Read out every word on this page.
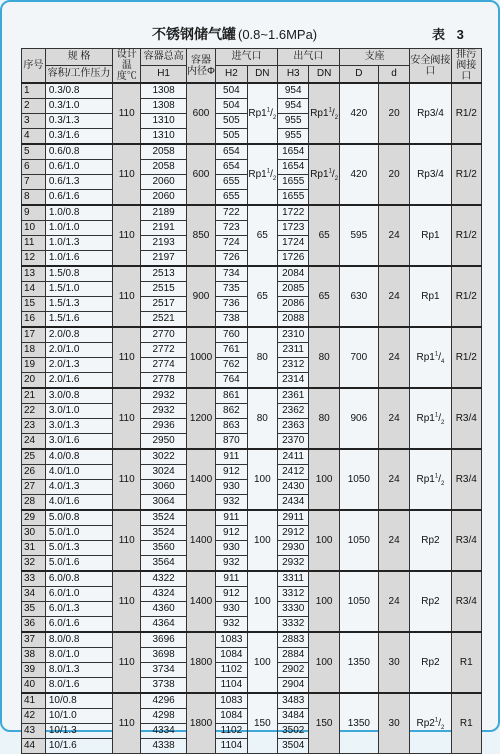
不锈钢储气罐 (0.8~1.6MPa)	表 3
序号	规 格	设计温度℃	容器总高	容器内径Φ	进气口		出气口		支座		安全阀接口	排污阀接口
	容积/工作压力		H1		H2	DN	H3	DN	D	d		
1	0.3/0.8	110	1308	600	504	$Rp1^1/_2$	954	$Rp1^1/_2$	420	20	Rp3/4	R1/2
2	0.3/1.0		1308		504		954					
3	0.3/1.3		1310		505		955					
4	0.3/1.6		1310		505		955					
5	0.6/0.8	110	2058	600	654	$Rp1^1/_2$	1654	$Rp1^1/_2$	420	20	Rp3/4	R1/2
6	0.6/1.0		2058		654		1654					
7	0.6/1.3		2060		655		1655					
8	0.6/1.6		2060		655		1655					
9	1.0/0.8	110	2189	850	722	65	1722	65	595	24	Rp1	R1/2
10	1.0/1.0		2191		723		1723					
11	1.0/1.3		2193		724		1724					
12	1.0/1.6		2197		726		1726					
13	1.5/0.8	110	2513	900	734	65	2084	65	630	24	Rp1	R1/2
14	1.5/1.0		2515		735		2085					
15	1.5/1.3		2517		736		2086					
16	1.5/1.6		2521		738		2088					
17	2.0/0.8	110	2770	1000	760	80	2310	80	700	24	$Rp1^1/_4$	R1/2
18	2.0/1.0		2772		761		2311					
19	2.0/1.3		2774		762		2312					
20	2.0/1.6		2778		764		2314					
21	3.0/0.8	110	2932	1200	861	80	2361	80	906	24	$Rp1^1/_2$	R3/4
22	3.0/1.0		2932		862		2362					
23	3.0/1.3		2936		863		2363					
24	3.0/1.6		2950		870		2370					
25	4.0/0.8	110	3022	1400	911	100	2411	100	1050	24	$Rp1^1/_2$	R3/4
26	4.0/1.0		3024		912		2412					
27	4.0/1.3		3060		930		2430					
28	4.0/1.6		3064		932		2434					
29	5.0/0.8	110	3524	1400	911	100	2911	100	1050	24	Rp2	R3/4
30	5.0/1.0		3524		912		2912					
31	5.0/1.3		3560		930		2930					
32	5.0/1.6		3564		932		2932					
33	6.0/0.8	110	4322	1400	911	100	3311	100	1050	24	Rp2	R3/4
34	6.0/1.0		4324		912		3312					
35	6.0/1.3		4360		930		3330					
36	6.0/1.6		4364		932		3332					
37	8.0/0.8	110	3696	1800	1083	100	2883	100	1350	30	Rp2	R1
38	8.0/1.0		3698		1084		2884					
39	8.0/1.3		3734		1102		2902					
40	8.0/1.6		3738		1104		2904					
41	10/0.8	110	4296	1800	1083	150	3483	150	1350	30	$Rp2^1/_2$	R1
42	10/1.0		4298		1084		3484					
43	10/1.3		4334		1102		3502					
44	10/1.6		4338		1104		3504					
